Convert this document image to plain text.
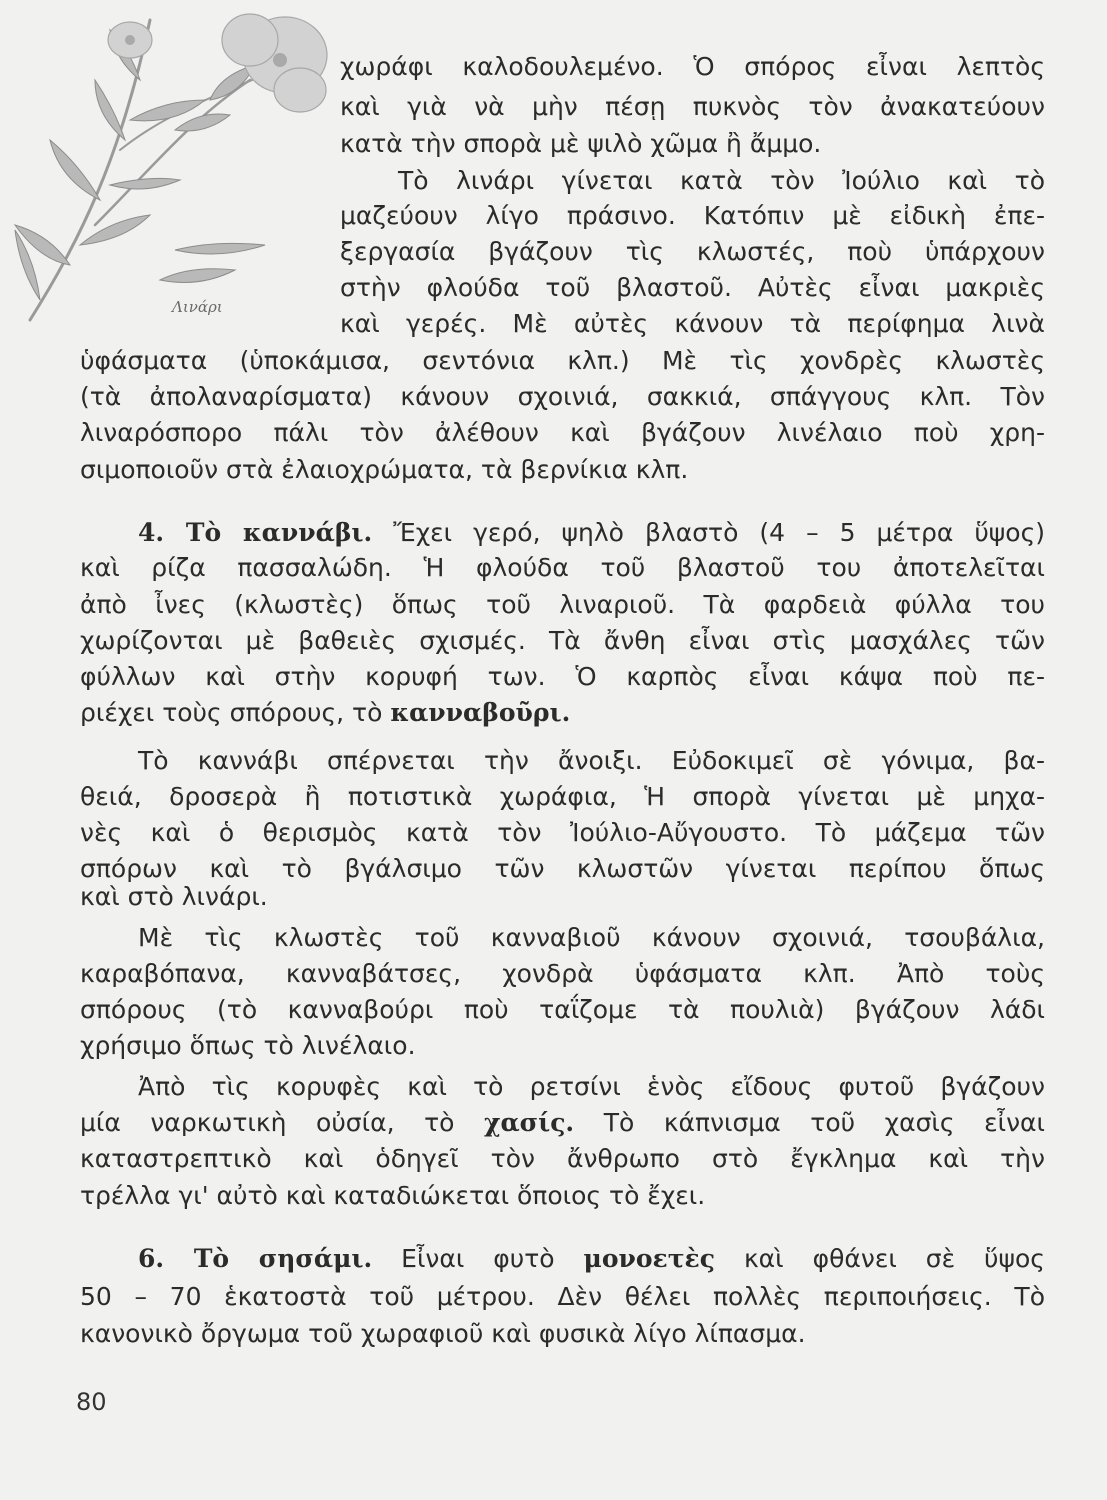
Λινάρι
χωράφι καλοδουλεμένο. Ὁ σπόρος εἶναι λεπτὸς
καὶ γιὰ νὰ μὴν πέσῃ πυκνὸς τὸν ἀνακατεύουν
κατὰ τὴν σπορὰ μὲ ψιλὸ χῶμα ἢ ἄμμο.
Τὸ λινάρι γίνεται κατὰ τὸν Ἰούλιο καὶ τὸ
μαζεύουν λίγο πράσινο. Κατόπιν μὲ εἰδικὴ ἐπε-
ξεργασία βγάζουν τὶς κλωστές, ποὺ ὑπάρχουν
στὴν φλούδα τοῦ βλαστοῦ. Αὐτὲς εἶναι μακριὲς
καὶ γερές. Μὲ αὐτὲς κάνουν τὰ περίφημα λινὰ
ὑφάσματα (ὑποκάμισα, σεντόνια κλπ.) Μὲ τὶς χονδρὲς κλωστὲς
(τὰ ἀπολαναρίσματα) κάνουν σχοινιά, σακκιά, σπάγγους κλπ. Τὸν
λιναρόσπορο πάλι τὸν ἀλέθουν καὶ βγάζουν λινέλαιο ποὺ χρη-
σιμοποιοῦν στὰ ἐλαιοχρώματα, τὰ βερνίκια κλπ.
4. Τὸ καννάβι. Ἔχει γερό, ψηλὸ βλαστὸ (4 – 5 μέτρα ὕψος)
καὶ ρίζα πασσαλώδη. Ἡ φλούδα τοῦ βλαστοῦ του ἀποτελεῖται
ἀπὸ ἶνες (κλωστὲς) ὅπως τοῦ λιναριοῦ. Τὰ φαρδειὰ φύλλα του
χωρίζονται μὲ βαθειὲς σχισμές. Τὰ ἄνθη εἶναι στὶς μασχάλες τῶν
φύλλων καὶ στὴν κορυφή των. Ὁ καρπὸς εἶναι κάψα ποὺ πε-
ριέχει τοὺς σπόρους, τὸ κανναβοῦρι.
Τὸ καννάβι σπέρνεται τὴν ἄνοιξι. Εὐδοκιμεῖ σὲ γόνιμα, βα-
θειά, δροσερὰ ἢ ποτιστικὰ χωράφια, Ἡ σπορὰ γίνεται μὲ μηχα-
νὲς καὶ ὁ θερισμὸς κατὰ τὸν Ἰούλιο-Αὔγουστο. Τὸ μάζεμα τῶν
σπόρων καὶ τὸ βγάλσιμο τῶν κλωστῶν γίνεται περίπου ὅπως
καὶ στὸ λινάρι.
Μὲ τὶς κλωστὲς τοῦ κανναβιοῦ κάνουν σχοινιά, τσουβάλια,
καραβόπανα, κανναβάτσες, χονδρὰ ὑφάσματα κλπ. Ἀπὸ τοὺς
σπόρους (τὸ κανναβούρι ποὺ ταΐζομε τὰ πουλιὰ) βγάζουν λάδι
χρήσιμο ὅπως τὸ λινέλαιο.
Ἀπὸ τὶς κορυφὲς καὶ τὸ ρετσίνι ἑνὸς εἴδους φυτοῦ βγάζουν
μία ναρκωτικὴ οὐσία, τὸ χασίς. Τὸ κάπνισμα τοῦ χασὶς εἶναι
καταστρεπτικὸ καὶ ὁδηγεῖ τὸν ἄνθρωπο στὸ ἔγκλημα καὶ τὴν
τρέλλα γι' αὐτὸ καὶ καταδιώκεται ὅποιος τὸ ἔχει.
6. Τὸ σησάμι. Εἶναι φυτὸ μονοετὲς καὶ φθάνει σὲ ὕψος
50 – 70 ἑκατοστὰ τοῦ μέτρου. Δὲν θέλει πολλὲς περιποιήσεις. Τὸ
κανονικὸ ὄργωμα τοῦ χωραφιοῦ καὶ φυσικὰ λίγο λίπασμα.
80
